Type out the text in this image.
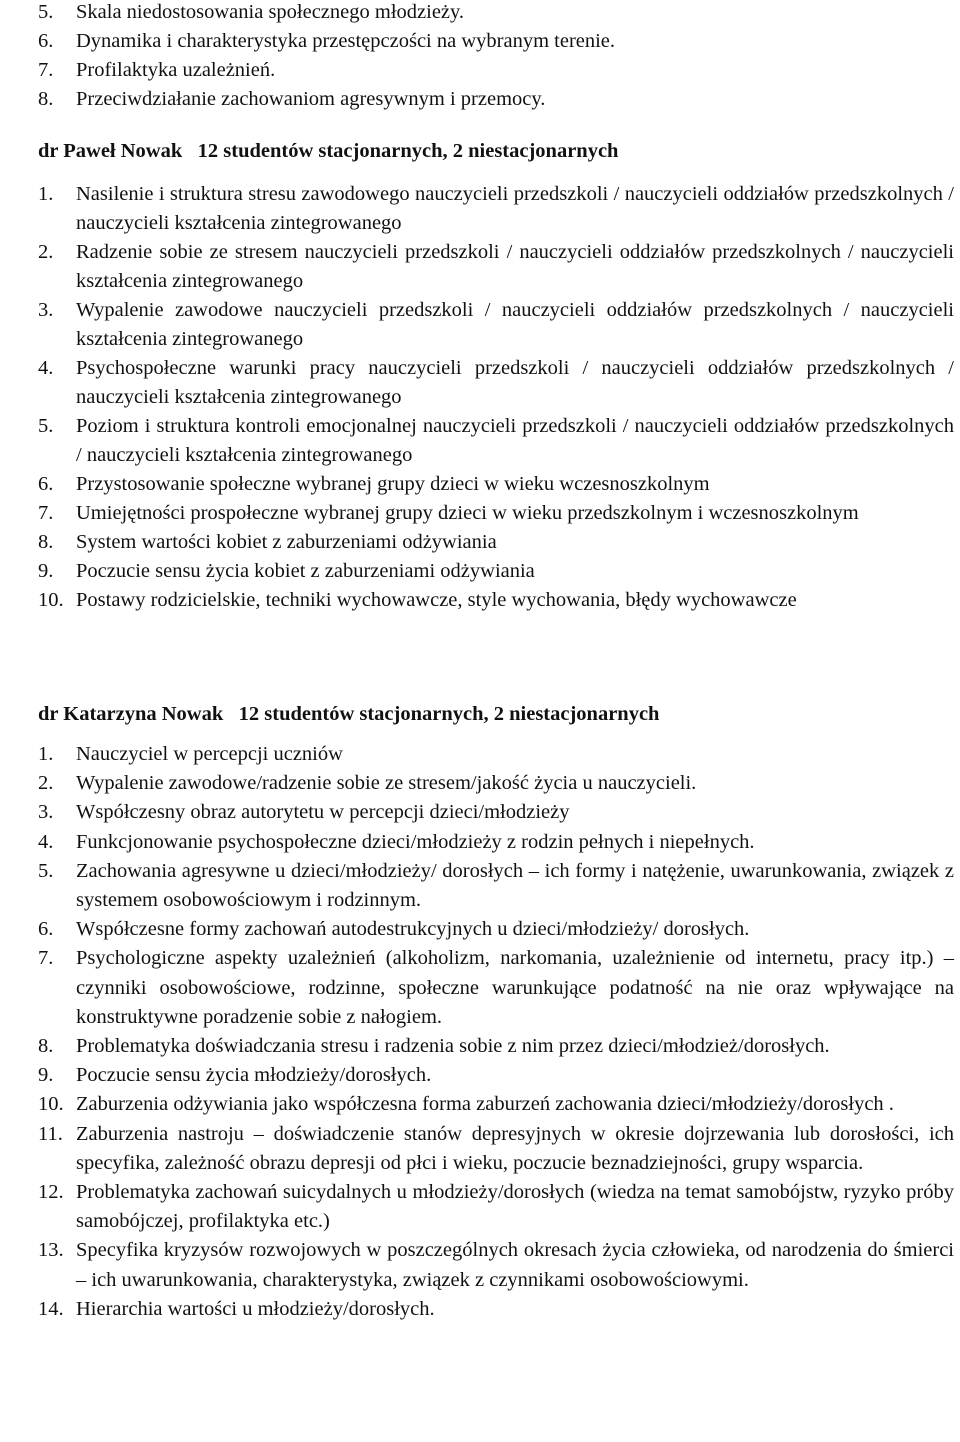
5.	Skala niedostosowania społecznego młodzieży.
6.	Dynamika i charakterystyka przestępczości na wybranym terenie.
7.	Profilaktyka uzależnień.
8.	Przeciwdziałanie zachowaniom agresywnym i przemocy.
dr Paweł Nowak   12 studentów stacjonarnych, 2 niestacjonarnych
1.	Nasilenie i struktura stresu zawodowego nauczycieli przedszkoli / nauczycieli oddziałów przedszkolnych / nauczycieli kształcenia zintegrowanego
2.	Radzenie sobie ze stresem nauczycieli przedszkoli / nauczycieli oddziałów przedszkolnych / nauczycieli kształcenia zintegrowanego
3.	Wypalenie zawodowe nauczycieli przedszkoli / nauczycieli oddziałów przedszkolnych / nauczycieli kształcenia zintegrowanego
4.	Psychospołeczne warunki pracy nauczycieli przedszkoli / nauczycieli oddziałów przedszkolnych / nauczycieli kształcenia zintegrowanego
5.	Poziom i struktura kontroli emocjonalnej nauczycieli przedszkoli / nauczycieli oddziałów przedszkolnych / nauczycieli kształcenia zintegrowanego
6.	Przystosowanie społeczne wybranej grupy dzieci w wieku wczesnoszkolnym
7.	Umiejętności prospołeczne wybranej grupy dzieci w wieku przedszkolnym i wczesnoszkolnym
8.	System wartości kobiet z zaburzeniami odżywiania
9.	Poczucie sensu życia kobiet z zaburzeniami odżywiania
10. Postawy rodzicielskie, techniki wychowawcze, style wychowania, błędy wychowawcze
dr Katarzyna Nowak   12 studentów stacjonarnych, 2 niestacjonarnych
1.	Nauczyciel w percepcji uczniów
2.	Wypalenie zawodowe/radzenie sobie ze stresem/jakość życia u nauczycieli.
3.	Współczesny obraz autorytetu w percepcji dzieci/młodzieży
4.	Funkcjonowanie psychospołeczne dzieci/młodzieży z rodzin pełnych i niepełnych.
5.	Zachowania agresywne u dzieci/młodzieży/ dorosłych – ich formy i natężenie, uwarunkowania, związek z systemem osobowościowym i rodzinnym.
6.	Współczesne formy zachowań autodestrukcyjnych u dzieci/młodzieży/ dorosłych.
7.	Psychologiczne aspekty uzależnień (alkoholizm, narkomania, uzależnienie od internetu, pracy itp.) – czynniki osobowościowe, rodzinne, społeczne warunkujące podatność na nie oraz wpływające na konstruktywne poradzenie sobie z nałogiem.
8.	Problematyka doświadczania stresu i radzenia sobie z nim przez dzieci/młodzież/dorosłych.
9.	Poczucie sensu życia młodzieży/dorosłych.
10. Zaburzenia odżywiania jako współczesna forma zaburzeń zachowania dzieci/młodzieży/dorosłych .
11. Zaburzenia nastroju – doświadczenie stanów depresyjnych w okresie dojrzewania lub dorosłości, ich specyfika, zależność obrazu depresji od płci i wieku, poczucie beznadziejności, grupy wsparcia.
12. Problematyka zachowań suicydalnych u młodzieży/dorosłych (wiedza na temat samobójstw, ryzyko próby samobójczej, profilaktyka etc.)
13. Specyfika kryzysów rozwojowych w poszczególnych okresach życia człowieka, od narodzenia do śmierci – ich uwarunkowania, charakterystyka, związek z czynnikami osobowościowymi.
14. Hierarchia wartości u młodzieży/dorosłych.
